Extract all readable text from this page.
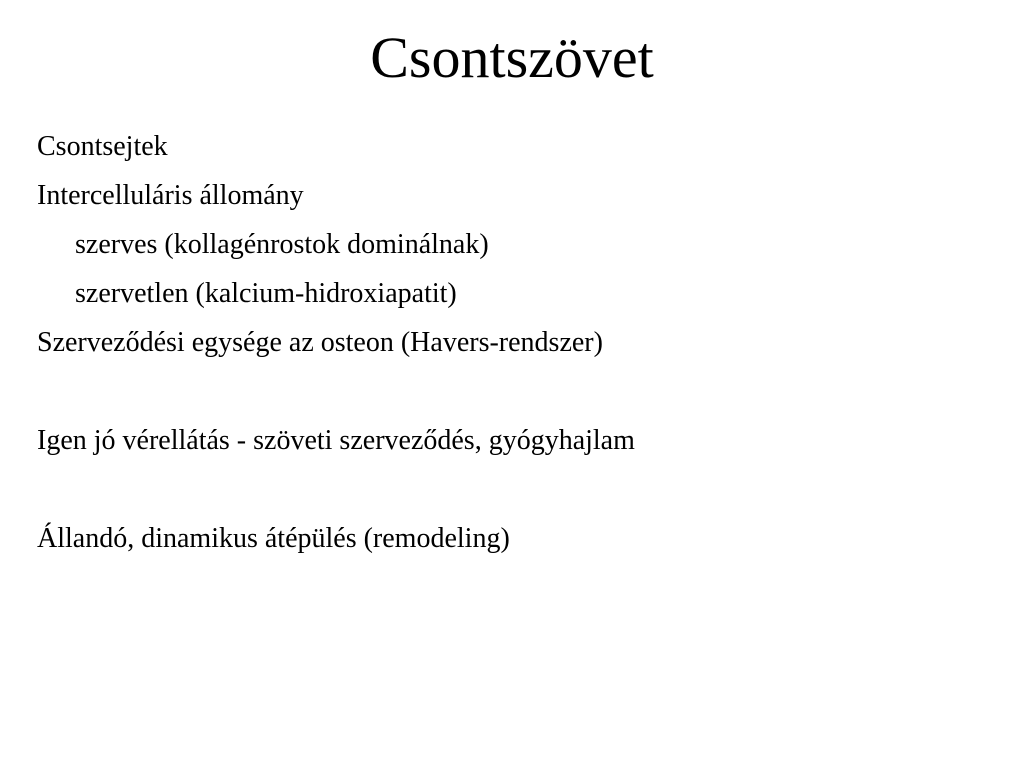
Csontszövet
Csontsejtek
Intercelluláris állomány
szerves (kollagénrostok dominálnak)
szervetlen (kalcium-hidroxiapatit)
Szerveződési egysége az osteon (Havers-rendszer)
Igen jó vérellátás - szöveti szerveződés, gyógyhajlam
Állandó, dinamikus átépülés (remodeling)
